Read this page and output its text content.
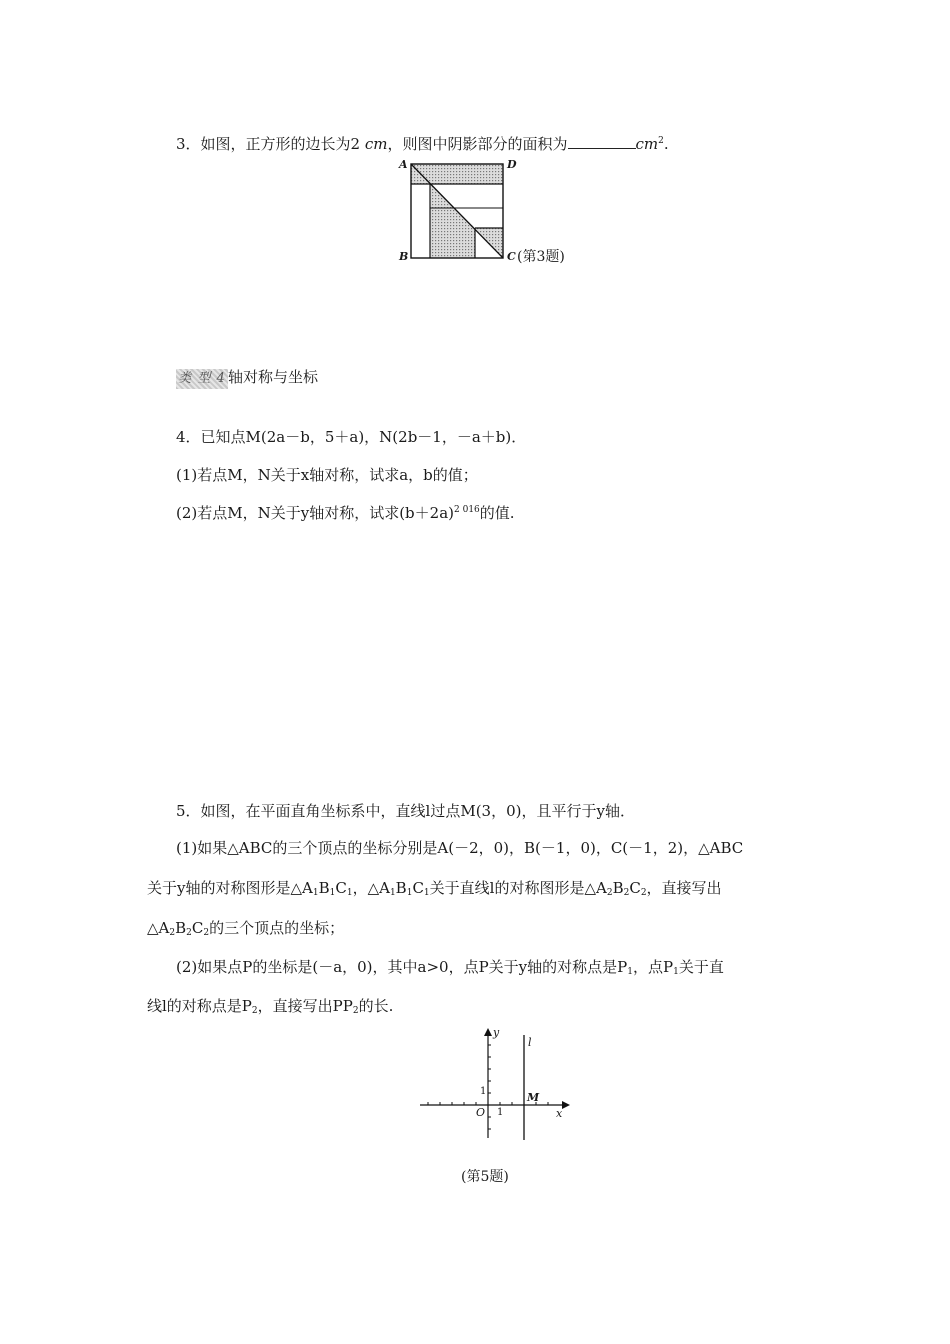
3．如图，正方形的边长为2 cm，则图中阴影部分的面积为	$cm^2$.
A	D
B	C (第3题)
类 型 4 轴对称与坐标
4．已知点M(2a－b，5＋a)，N(2b－1，－a＋b)．
(1)若点M，N关于x轴对称，试求a，b的值；
(2)若点M，N关于y轴对称，试求$(b+2a)^{2 016}$的值.
5．如图，在平面直角坐标系中，直线l过点M(3，0)，且平行于y轴．
(1)如果△ABC的三个顶点的坐标分别是A(－2，0)，B(－1，0)，C(－1，2)，△ABC
关于y轴的对称图形是$\triangle A_1B_1C_1$，$\triangle A_1B_1C_1$关于直线l的对称图形是$\triangle A_2B_2C_2$，直接写出
$\triangle A_2B_2C_2$的三个顶点的坐标；
(2)如果点P的坐标是(－a，0)，其中a>0，点P关于y轴的对称点是$P_1$，点$P_1$关于直
线l的对称点是$P_2$，直接写出$PP_2$的长.
y
x
l
O 1
1	M
(第5题)
